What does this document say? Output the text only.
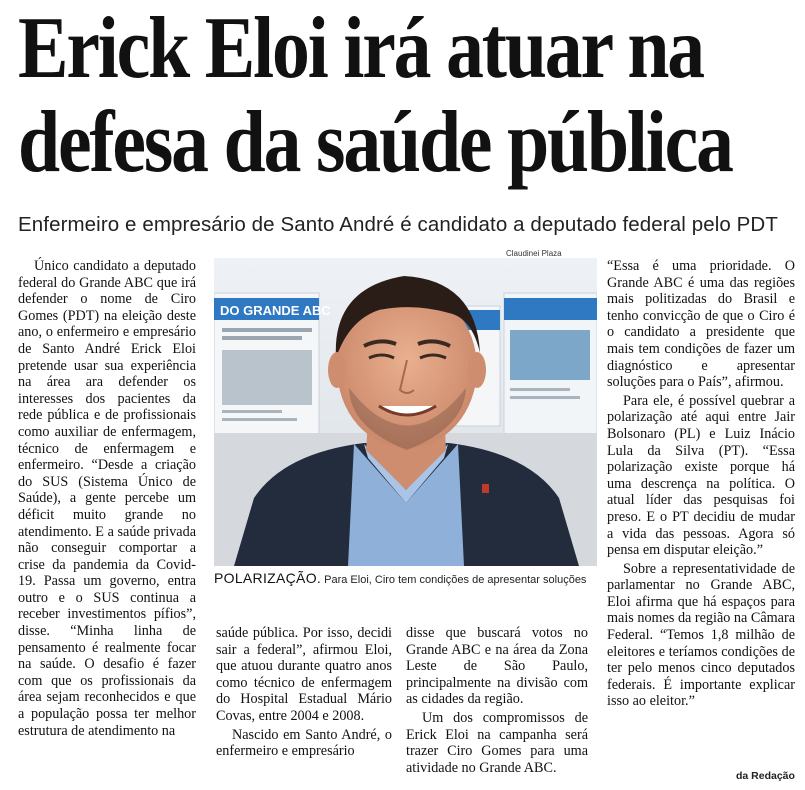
Erick Eloi irá atuar na
defesa da saúde pública
Enfermeiro e empresário de Santo André é candidato a deputado federal pelo PDT

Único candidato a deputado federal do Grande ABC que irá defender o nome de Ciro Gomes (PDT) na eleição deste ano, o enfermeiro e empresário de Santo André Erick Eloi pretende usar sua experiência na área ara defender os interesses dos pacientes da rede pública e de profissionais como auxiliar de enfermagem, técnico de enfermagem e enfermeiro. “Desde a criação do SUS (Sistema Único de Saúde), a gente percebe um déficit muito grande no atendimento. E a saúde privada não conseguir comportar a crise da pandemia da Covid-19. Passa um governo, entra outro e o SUS continua a receber investimentos pífios”, disse. “Minha linha de pensamento é realmente focar na saúde. O desafio é fazer com que os profissionais da área sejam reconhecidos e que a população possa ter melhor estrutura de atendimento na

Claudinei Plaza
DO GRANDE ABC
POLARIZAÇÃO. Para Eloi, Ciro tem condições de apresentar soluções

saúde pública. Por isso, decidi sair a federal”, afirmou Eloi, que atuou durante quatro anos como técnico de enfermagem do Hospital Estadual Mário Covas, entre 2004 e 2008.

Nascido em Santo André, o enfermeiro e empresário

disse que buscará votos no Grande ABC e na área da Zona Leste de São Paulo, principalmente na divisão com as cidades da região.

Um dos compromissos de Erick Eloi na campanha será trazer Ciro Gomes para uma atividade no Grande ABC.

“Essa é uma prioridade. O Grande ABC é uma das regiões mais politizadas do Brasil e tenho convicção de que o Ciro é o candidato a presidente que mais tem condições de fazer um diagnóstico e apresentar soluções para o País”, afirmou.

Para ele, é possível quebrar a polarização até aqui entre Jair Bolsonaro (PL) e Luiz Inácio Lula da Silva (PT). “Essa polarização existe porque há uma descrença na política. O atual líder das pesquisas foi preso. E o PT decidiu de mudar a vida das pessoas. Agora só pensa em disputar eleição.”

Sobre a representatividade de parlamentar no Grande ABC, Eloi afirma que há espaços para mais nomes da região na Câmara Federal. “Temos 1,8 milhão de eleitores e teríamos condições de ter pelo menos cinco deputados federais. É importante explicar isso ao eleitor.”

da Redação
